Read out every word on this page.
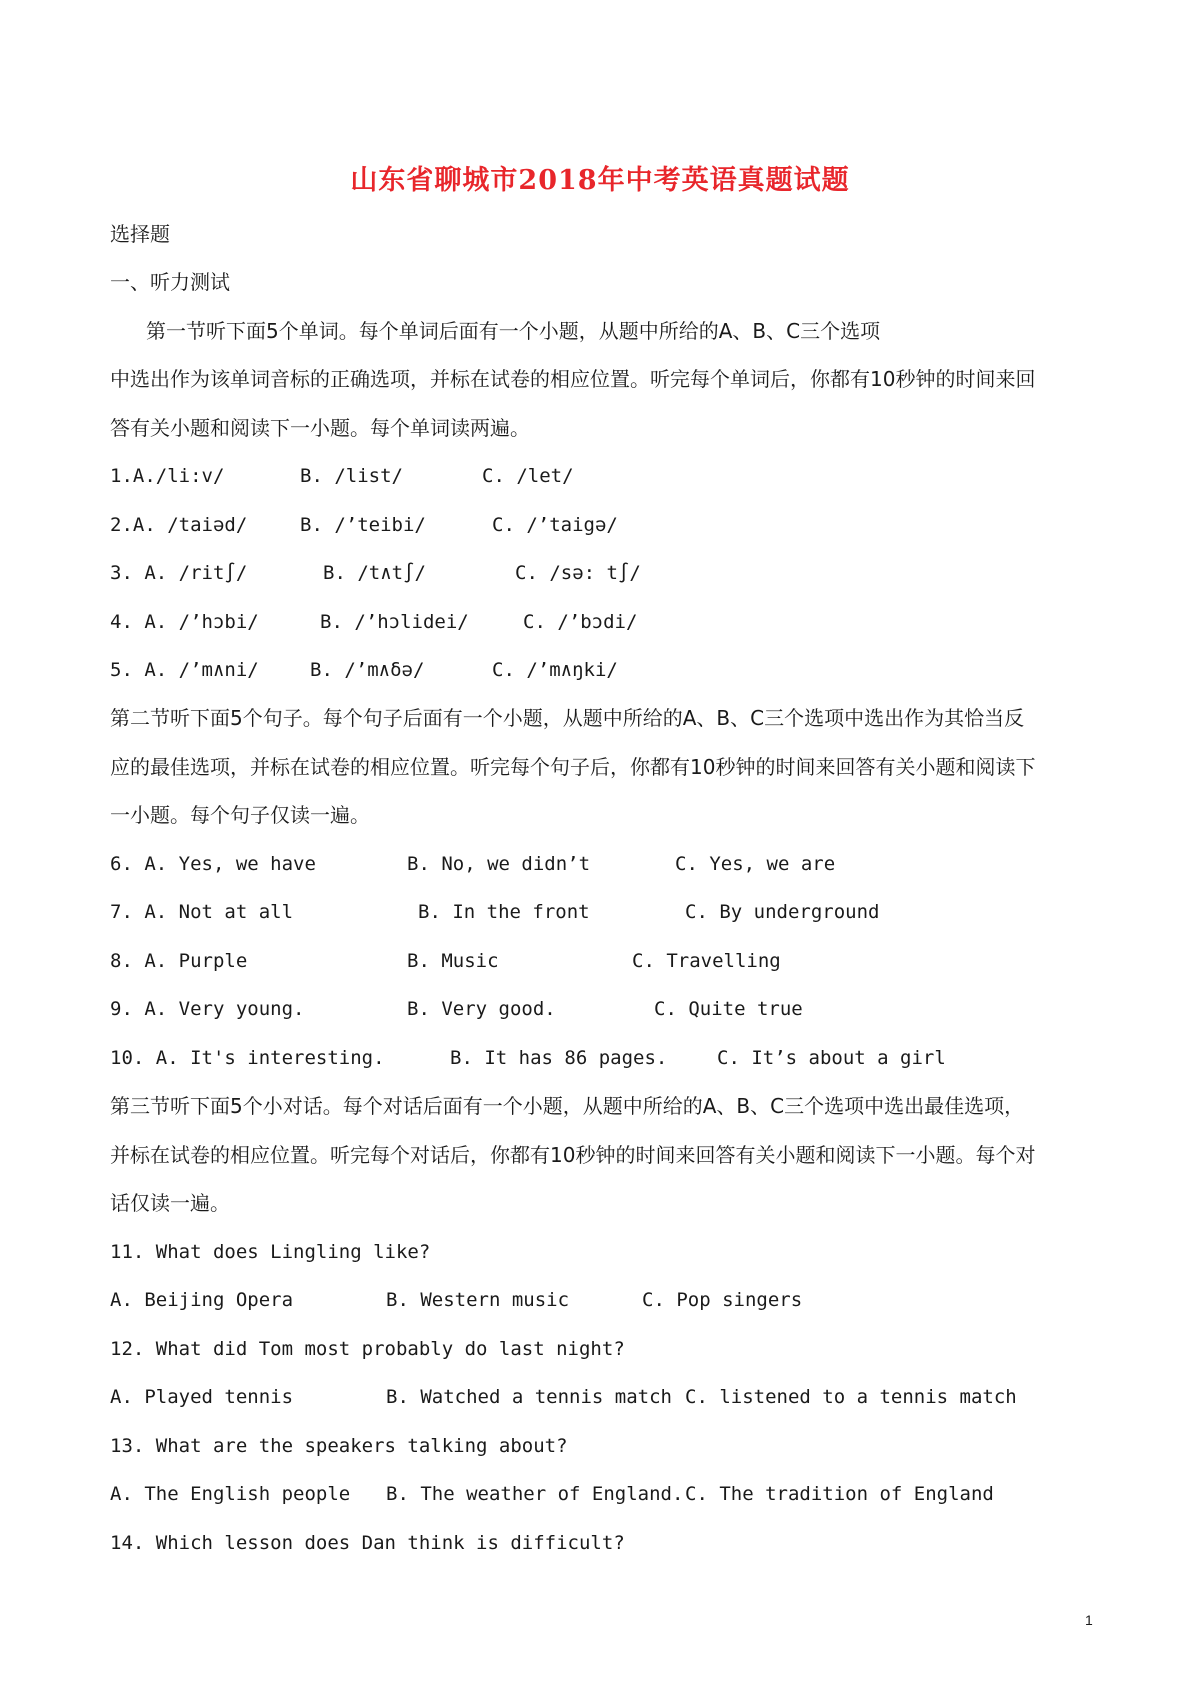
山东省聊城市2018年中考英语真题试题
选择题
一、听力测试
第一节听下面5个单词。每个单词后面有一个小题，从题中所给的A、B、C三个选项
中选出作为该单词音标的正确选项，并标在试卷的相应位置。听完每个单词后，你都有10秒钟的时间来回
答有关小题和阅读下一小题。每个单词读两遍。
1.A./li:v/	B. /list/	C. /let/
2.A. /taiəd/	B. /’teibi/	C. /’taigə/
3. A. /rit∫/	B. /t∧t∫/	C. /sə: t∫/
4. A. /’hɔbi/	B. /’hɔlidei/	C. /’bɔdi/
5. A. /’m∧ni/	B. /’m∧δə/	C. /’m∧ŋki/
第二节听下面5个句子。每个句子后面有一个小题，从题中所给的A、B、C三个选项中选出作为其恰当反
应的最佳选项，并标在试卷的相应位置。听完每个句子后，你都有10秒钟的时间来回答有关小题和阅读下
一小题。每个句子仅读一遍。
6. A. Yes, we have	B. No, we didn’t	C. Yes, we are
7. A. Not at all	B. In the front	C. By underground
8. A. Purple	B. Music	C. Travelling
9. A. Very young.	B. Very good.	C. Quite true
10. A. It's interesting.	B. It has 86 pages.	C. It’s about a girl
第三节听下面5个小对话。每个对话后面有一个小题，从题中所给的A、B、C三个选项中选出最佳选项，
并标在试卷的相应位置。听完每个对话后，你都有10秒钟的时间来回答有关小题和阅读下一小题。每个对
话仅读一遍。
11. What does Lingling like?
A. Beijing Opera	B. Western music	C. Pop singers
12. What did Tom most probably do last night?
A. Played tennis	B. Watched a tennis match C. listened to a tennis match
13. What are the speakers talking about?
A. The English people B. The weather of England. C. The tradition of England
14. Which lesson does Dan think is difficult?
1
